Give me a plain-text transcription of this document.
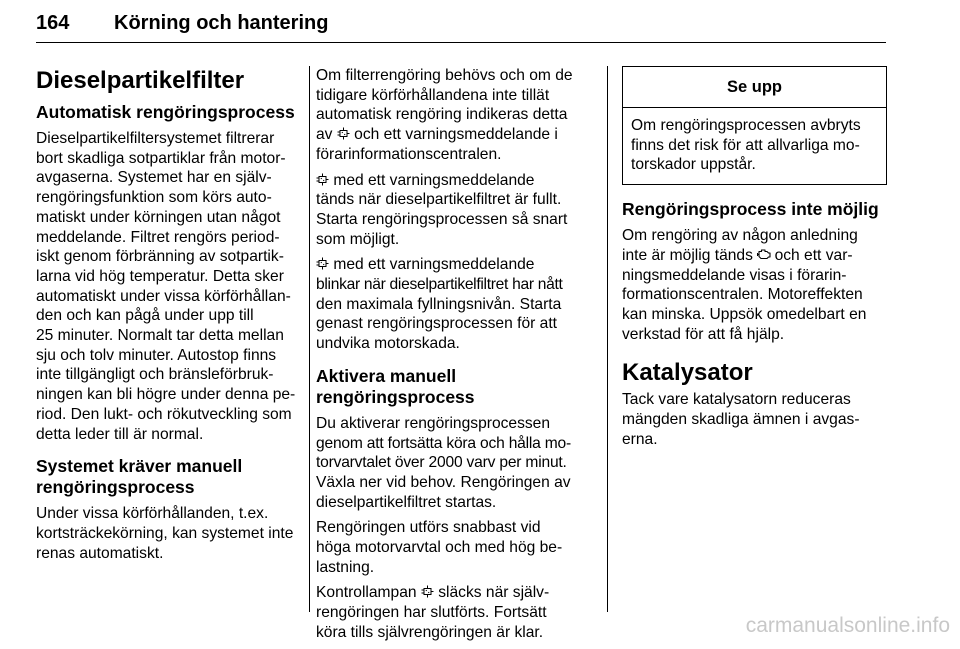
164 Körning och hantering
Dieselpartikelfilter
Automatisk rengöringsprocess

Dieselpartikelfiltersystemet filtrerar
bort skadliga sotpartiklar från motor-
avgaserna. Systemet har en själv-
rengöringsfunktion som körs auto-
matiskt under körningen utan något
meddelande. Filtret rengörs period-
iskt genom förbränning av sotpartik-
larna vid hög temperatur. Detta sker
automatiskt under vissa körförhållan-
den och kan pågå under upp till
25 minuter. Normalt tar detta mellan
sju och tolv minuter. Autostop finns
inte tillgängligt och bränsleförbruk-
ningen kan bli högre under denna pe-
riod. Den lukt- och rökutveckling som
detta leder till är normal.

Systemet kräver manuell
rengöringsprocess

Under vissa körförhållanden, t.ex.
kortsträckekörning, kan systemet inte
renas automatiskt.

Om filterrengöring behövs och om de
tidigare körförhållandena inte tillät
automatisk rengöring indikeras detta
av och ett varningsmeddelande i
förarinformationscentralen.

med ett varningsmeddelande
tänds när dieselpartikelfiltret är fullt.
Starta rengöringsprocessen så snart
som möjligt.

med ett varningsmeddelande
blinkar när dieselpartikelfiltret har nått
den maximala fyllningsnivån. Starta
genast rengöringsprocessen för att
undvika motorskada.

Aktivera manuell
rengöringsprocess

Du aktiverar rengöringsprocessen
genom att fortsätta köra och hålla mo-
torvarvtalet över 2000 varv per minut.
Växla ner vid behov. Rengöringen av
dieselpartikelfiltret startas.

Rengöringen utförs snabbast vid
höga motorvarvtal och med hög be-
lastning.

Kontrollampan släcks när själv-
rengöringen har slutförts. Fortsätt
köra tills självrengöringen är klar.

Se upp
Om rengöringsprocessen avbryts
finns det risk för att allvarliga mo-
torskador uppstår.
Rengöringsprocess inte möjlig

Om rengöring av någon anledning
inte är möjlig tänds och ett var-
ningsmeddelande visas i förarin-
formationscentralen. Motoreffekten
kan minska. Uppsök omedelbart en
verkstad för att få hjälp.

Katalysator

Tack vare katalysatorn reduceras
mängden skadliga ämnen i avgas-
erna.

carmanualsonline.info
